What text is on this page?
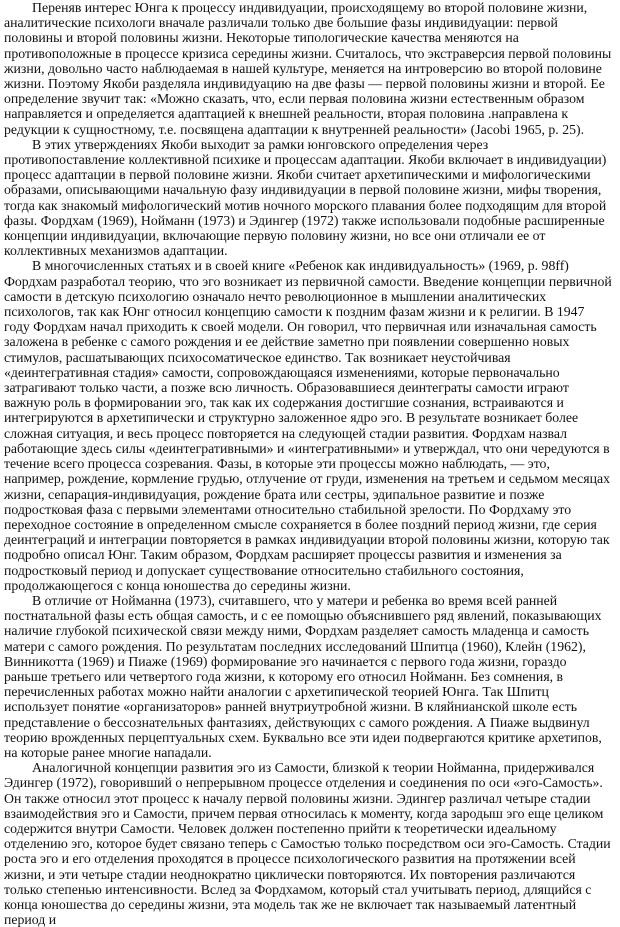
Переняв интерес Юнга к процессу индивидуации, происходящему во второй половине жизни, аналитические психологи вначале различали только две большие фазы индивидуации: первой половины и второй половины жизни. Некоторые типологические качества меняются на противоположные в процессе кризиса середины жизни. Считалось, что экстраверсия первой половины жизни, довольно часто наблюдаемая в нашей культуре, меняется на интроверсию во второй половине жизни. Поэтому Якоби разделяла индивидуацию на две фазы — первой половины жизни и второй. Ее определение звучит так: «Можно сказать, что, если первая половина жизни естественным образом направляется и определяется адаптацией к внешней реальности, вторая половина .направлена к редукции к сущностному, т.е. посвящена адаптации к внутренней реальности» (Jacobi 1965, p. 25).

В этих утверждениях Якоби выходит за рамки юнговского определения через противопоставление коллективной психике и процессам адаптации. Якоби включает в индивидуации) процесс адаптации в первой половине жизни. Якоби считает архетипическими и мифологическими образами, описывающими начальную фазу индивидуации в первой половине жизни, мифы творения, тогда как знакомый мифологический мотив ночного морского плавания более подходящим для второй фазы. Фордхам (1969), Нойманн (1973) и Эдингер (1972) также использовали подобные расширенные концепции индивидуации, включающие первую половину жизни, но все они отличали ее от коллективных механизмов адаптации.

В многочисленных статьях и в своей книге «Ребенок как индивидуальность» (1969, p. 98ff) Фордхам разработал теорию, что эго возникает из первичной самости. Введение концепции первичной самости в детскую психологию означало нечто революционное в мышлении аналитических психологов, так как Юнг относил концепцию самости к поздним фазам жизни и к религии. В 1947 году Фордхам начал приходить к своей модели. Он говорил, что первичная или изначальная самость заложена в ребенке с самого рождения и ее действие заметно при появлении совершенно новых стимулов, расшатывающих психосоматическое единство. Так возникает неустойчивая «деинтегративная стадия» самости, сопровождающаяся изменениями, которые первоначально затрагивают только части, а позже всю личность. Образовавшиеся деинтеграты самости играют важную роль в формировании эго, так как их содержания достигшие сознания, встраиваются и интегрируются в архетипически и структурно заложенное ядро эго. В результате возникает более сложная ситуация, и весь процесс повторяется на следующей стадии развития. Фордхам назвал работающие здесь силы «деинтегративными» и «интегративными» и утверждал, что они чередуются в течение всего процесса созревания. Фазы, в которые эти процессы можно наблюдать, — это, например, рождение, кормление грудью, отлучение от груди, изменения на третьем и седьмом месяцах жизни, сепарация-индивидуация, рождение брата или сестры, эдипальное развитие и позже подростковая фаза с первыми элементами относительно стабильной зрелости. По Фордхаму это переходное состояние в определенном смысле сохраняется в более поздний период жизни, где серия деинтеграций и интеграции повторяется в рамках индивидуации второй половины жизни, которую так подробно описал Юнг. Таким образом, Фордхам расширяет процессы развития и изменения за подростковый период и допускает существование относительно стабильного состояния, продолжающегося с конца юношества до середины жизни.

В отличие от Нойманна (1973), считавшего, что у матери и ребенка во время всей ранней постнатальной фазы есть общая самость, и с ее помощью объяснившего ряд явлений, показывающих наличие глубокой психической связи между ними, Фордхам разделяет самость младенца и самость матери с самого рождения. По результатам последних исследований Шпитца (1960), Клейн (1962), Винникотта (1969) и Пиаже (1969) формирование эго начинается с первого года жизни, гораздо раньше третьего или четвертого года жизни, к которому его относил Нойманн. Без сомнения, в перечисленных работах можно найти аналогии с архетипической теорией Юнга. Так Шпитц использует понятие «организаторов» ранней внутриутробной жизни. В кляйнианской школе есть представление о бессознательных фантазиях, действующих с самого рождения. А Пиаже выдвинул теорию врожденных перцептуальных схем. Буквально все эти идеи подвергаются критике архетипов, на которые ранее многие нападали.

Аналогичной концепции развития эго из Самости, близкой к теории Нойманна, придерживался Эдингер (1972), говоривший о непрерывном процессе отделения и соединения по оси «эго-Самость». Он также относил этот процесс к началу первой половины жизни. Эдингер различал четыре стадии взаимодействия эго и Самости, причем первая относилась к моменту, когда зародыш эго еще целиком содержится внутри Самости. Человек должен постепенно прийти к теоретически идеальному отделению эго, которое будет связано теперь с Самостью только посредством оси эго-Самость. Стадии роста эго и его отделения проходятся в процессе психологического развития на протяжении всей жизни, и эти четыре стадии неоднократно циклически повторяются. Их повторения различаются только степенью интенсивности. Вслед за Фордхамом, который стал учитывать период, длящийся с конца юношества до середины жизни, эта модель так же не включает так называемый латентный период и
